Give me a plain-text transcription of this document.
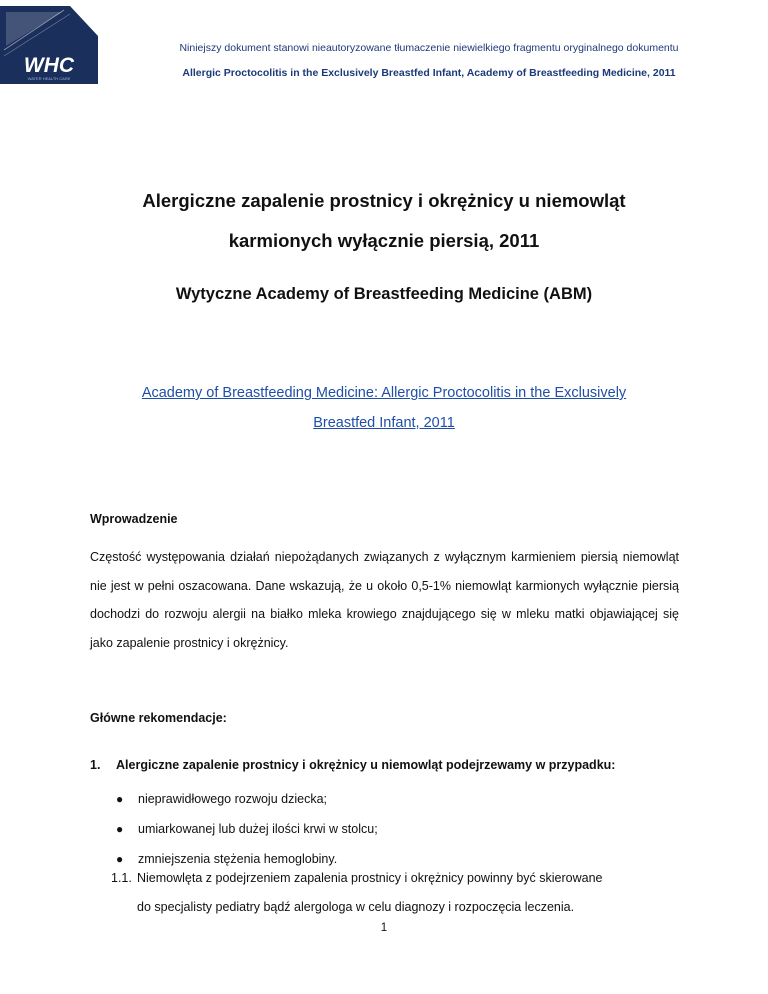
WHC
WATER HEALTH CARE
Niniejszy dokument stanowi nieautoryzowane tłumaczenie niewielkiego fragmentu oryginalnego dokumentu
Allergic Proctocolitis in the Exclusively Breastfed Infant, Academy of Breastfeeding Medicine, 2011
Alergiczne zapalenie prostnicy i okrężnicy u niemowląt
karmionych wyłącznie piersią, 2011
Wytyczne Academy of Breastfeeding Medicine (ABM)
Academy of Breastfeeding Medicine: Allergic Proctocolitis in the Exclusively
Breastfed Infant, 2011
Wprowadzenie
Częstość występowania działań niepożądanych związanych z wyłącznym karmieniem piersią niemowląt nie jest w pełni oszacowana. Dane wskazują, że u około 0,5-1% niemowląt karmionych wyłącznie piersią dochodzi do rozwoju alergii na białko mleka krowiego znajdującego się w mleku matki objawiającej się jako zapalenie prostnicy i okrężnicy.
Główne rekomendacje:
1. Alergiczne zapalenie prostnicy i okrężnicy u niemowląt podejrzewamy w przypadku:
● nieprawidłowego rozwoju dziecka;
● umiarkowanej lub dużej ilości krwi w stolcu;
● zmniejszenia stężenia hemoglobiny.
1.1. Niemowlęta z podejrzeniem zapalenia prostnicy i okrężnicy powinny być skierowane
do specjalisty pediatry bądź alergologa w celu diagnozy i rozpoczęcia leczenia.
1
